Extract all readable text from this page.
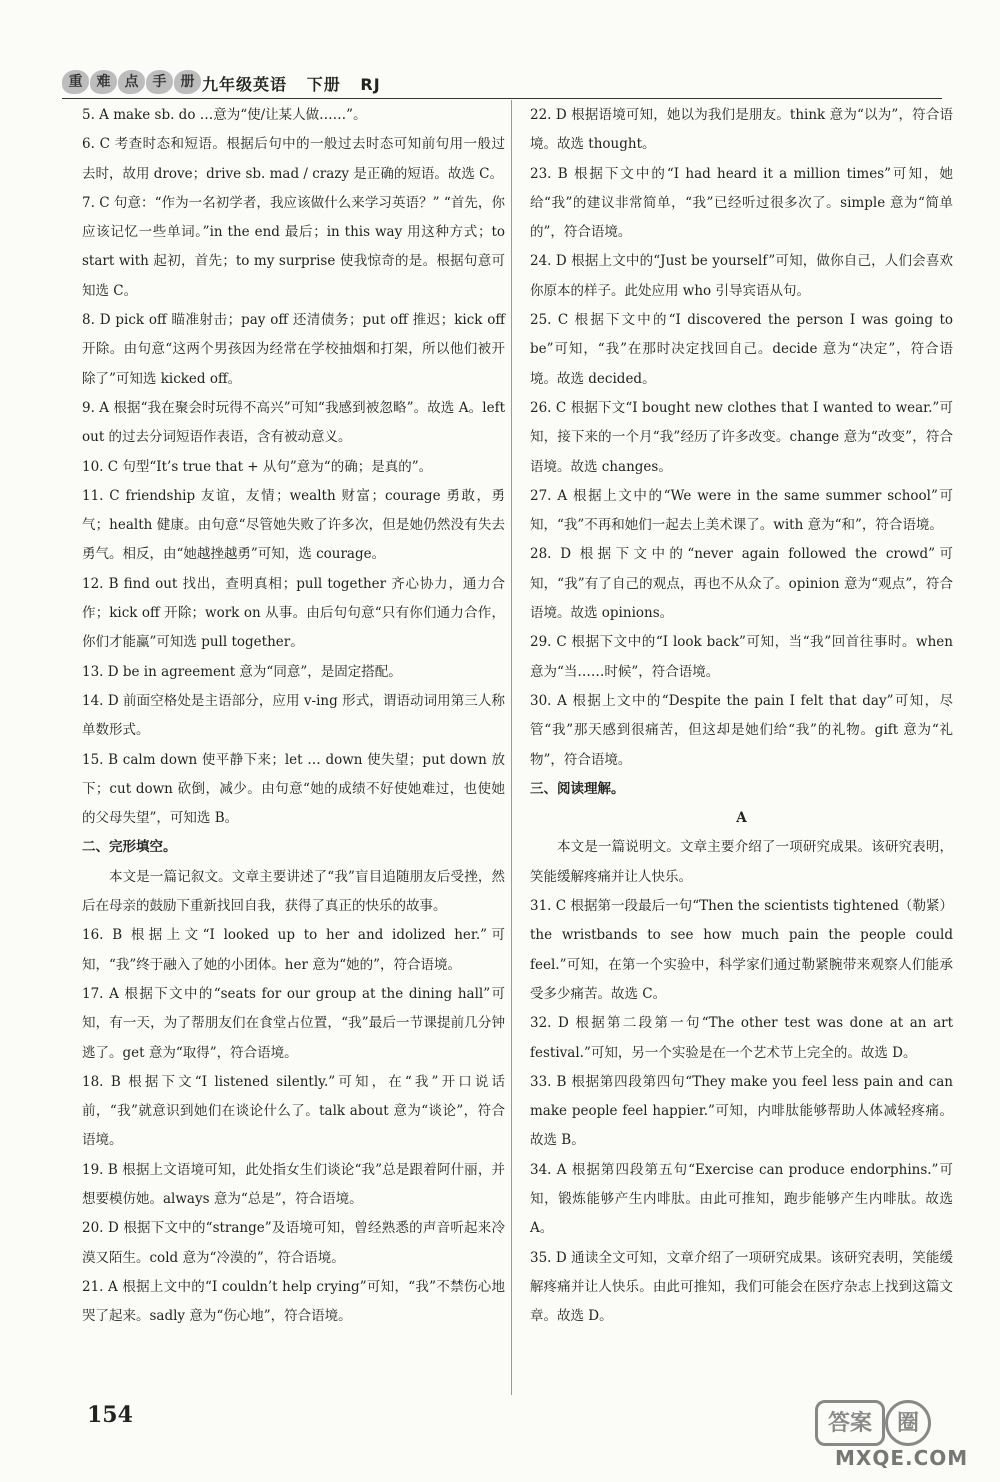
重	难	点	手	册 九年级英语   下册   RJ
5. A make sb. do …意为“使/让某人做……”。
6. C 考查时态和短语。根据后句中的一般过去时态可知前句用一般过去时，故用 drove；drive sb. mad / crazy 是正确的短语。故选 C。
7. C 句意：“作为一名初学者，我应该做什么来学习英语？” “首先，你应该记忆一些单词。”in the end 最后；in this way 用这种方式；to start with 起初，首先；to my surprise 使我惊奇的是。根据句意可知选 C。
8. D pick off 瞄准射击；pay off 还清债务；put off 推迟；kick off 开除。由句意“这两个男孩因为经常在学校抽烟和打架，所以他们被开除了”可知选 kicked off。
9. A 根据“我在聚会时玩得不高兴”可知“我感到被忽略”。故选 A。left out 的过去分词短语作表语，含有被动意义。
10. C 句型“It’s true that + 从句”意为“的确；是真的”。
11. C friendship 友谊，友情；wealth 财富；courage 勇敢，勇气；health 健康。由句意“尽管她失败了许多次，但是她仍然没有失去勇气。相反，由“她越挫越勇”可知，选 courage。
12. B find out 找出，查明真相；pull together 齐心协力，通力合作；kick off 开除；work on 从事。由后句句意“只有你们通力合作，你们才能赢”可知选 pull together。
13. D be in agreement 意为“同意”，是固定搭配。
14. D 前面空格处是主语部分，应用 v-ing 形式，谓语动词用第三人称单数形式。
15. B calm down 使平静下来；let … down 使失望；put down 放下；cut down 砍倒，减少。由句意“她的成绩不好使她难过，也使她的父母失望”，可知选 B。
二、完形填空。
本文是一篇记叙文。文章主要讲述了“我”盲目追随朋友后受挫，然后在母亲的鼓励下重新找回自我，获得了真正的快乐的故事。
16. B 根据上文“I looked up to her and idolized her.”可知，“我”终于融入了她的小团体。her 意为“她的”，符合语境。
17. A 根据下文中的“seats for our group at the dining hall”可知，有一天，为了帮朋友们在食堂占位置，“我”最后一节课提前几分钟逃了。get 意为“取得”，符合语境。
18. B 根据下文“I listened silently.”可知，在“我”开口说话前，“我”就意识到她们在谈论什么了。talk about 意为“谈论”，符合语境。
19. B 根据上文语境可知，此处指女生们谈论“我”总是跟着阿什丽，并想要模仿她。always 意为“总是”，符合语境。
20. D 根据下文中的“strange”及语境可知，曾经熟悉的声音听起来冷漠又陌生。cold 意为“冷漠的”，符合语境。
21. A 根据上文中的“I couldn’t help crying”可知，“我”不禁伤心地哭了起来。sadly 意为“伤心地”，符合语境。
22. D 根据语境可知，她以为我们是朋友。think 意为“以为”，符合语境。故选 thought。
23. B 根据下文中的“I had heard it a million times”可知，她给“我”的建议非常简单，“我”已经听过很多次了。simple 意为“简单的”，符合语境。
24. D 根据上文中的“Just be yourself”可知，做你自己，人们会喜欢你原本的样子。此处应用 who 引导宾语从句。
25. C 根据下文中的“I discovered the person I was going to be”可知，“我”在那时决定找回自己。decide 意为“决定”，符合语境。故选 decided。
26. C 根据下文“I bought new clothes that I wanted to wear.”可知，接下来的一个月“我”经历了许多改变。change 意为“改变”，符合语境。故选 changes。
27. A 根据上文中的“We were in the same summer school”可知，“我”不再和她们一起去上美术课了。with 意为“和”，符合语境。
28. D 根据下文中的“never again followed the crowd”可知，“我”有了自己的观点，再也不从众了。opinion 意为“观点”，符合语境。故选 opinions。
29. C 根据下文中的“I look back”可知，当“我”回首往事时。when 意为“当……时候”，符合语境。
30. A 根据上文中的“Despite the pain I felt that day”可知，尽管“我”那天感到很痛苦，但这却是她们给“我”的礼物。gift 意为“礼物”，符合语境。
三、阅读理解。
A
本文是一篇说明文。文章主要介绍了一项研究成果。该研究表明，笑能缓解疼痛并让人快乐。
31. C 根据第一段最后一句“Then the scientists tightened（勒紧）the wristbands to see how much pain the people could feel.”可知，在第一个实验中，科学家们通过勒紧腕带来观察人们能承受多少痛苦。故选 C。
32. D 根据第二段第一句“The other test was done at an art festival.”可知，另一个实验是在一个艺术节上完全的。故选 D。
33. B 根据第四段第四句“They make you feel less pain and can make people feel happier.”可知，内啡肽能够帮助人体减轻疼痛。故选 B。
34. A 根据第四段第五句“Exercise can produce endorphins.”可知，锻炼能够产生内啡肽。由此可推知，跑步能够产生内啡肽。故选 A。
35. D 通读全文可知，文章介绍了一项研究成果。该研究表明，笑能缓解疼痛并让人快乐。由此可推知，我们可能会在医疗杂志上找到这篇文章。故选 D。
154	答案	圈
MXQE.COM
